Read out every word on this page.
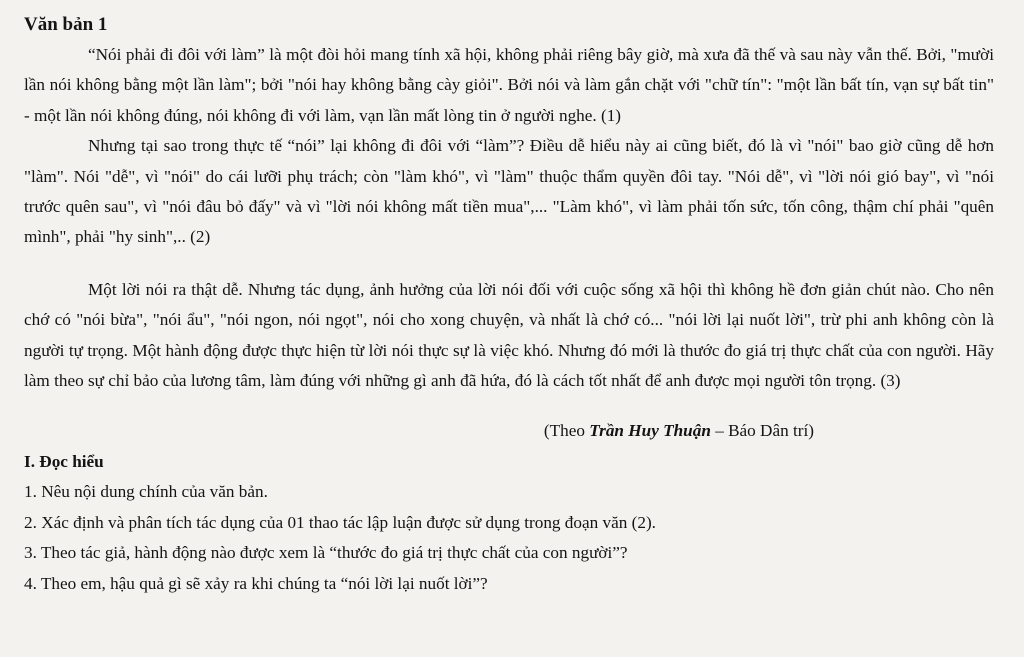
Văn bản 1

“Nói phải đi đôi với làm” là một đòi hỏi mang tính xã hội, không phải riêng bây giờ, mà xưa đã thế và sau này vẫn thế. Bởi, "mười lần nói không bằng một lần làm"; bởi "nói hay không bằng cày giỏi". Bởi nói và làm gắn chặt với "chữ tín": "một lần bất tín, vạn sự bất tin" - một lần nói không đúng, nói không đi với làm, vạn lần mất lòng tin ở người nghe. (1)

Nhưng tại sao trong thực tế “nói” lại không đi đôi với “làm”? Điều dễ hiểu này ai cũng biết, đó là vì "nói" bao giờ cũng dễ hơn "làm". Nói "dễ", vì "nói" do cái lưỡi phụ trách; còn "làm khó", vì "làm" thuộc thẩm quyền đôi tay. "Nói dễ", vì "lời nói gió bay", vì "nói trước quên sau", vì "nói đâu bỏ đấy" và vì "lời nói không mất tiền mua",... "Làm khó", vì làm phải tốn sức, tốn công, thậm chí phải "quên mình", phải "hy sinh",.. (2)

Một lời nói ra thật dễ. Nhưng tác dụng, ảnh hưởng của lời nói đối với cuộc sống xã hội thì không hề đơn giản chút nào. Cho nên chớ có "nói bừa", "nói ẩu", "nói ngon, nói ngọt", nói cho xong chuyện, và nhất là chớ có... "nói lời lại nuốt lời", trừ phi anh không còn là người tự trọng. Một hành động được thực hiện từ lời nói thực sự là việc khó. Nhưng đó mới là thước đo giá trị thực chất của con người. Hãy làm theo sự chỉ bảo của lương tâm, làm đúng với những gì anh đã hứa, đó là cách tốt nhất để anh được mọi người tôn trọng. (3)

(Theo Trần Huy Thuận – Báo Dân trí)

I. Đọc hiểu

1. Nêu nội dung chính của văn bản.
2. Xác định và phân tích tác dụng của 01 thao tác lập luận được sử dụng trong đoạn văn (2).
3. Theo tác giả, hành động nào được xem là “thước đo giá trị thực chất của con người”?
4. Theo em, hậu quả gì sẽ xảy ra khi chúng ta “nói lời lại nuốt lời”?
